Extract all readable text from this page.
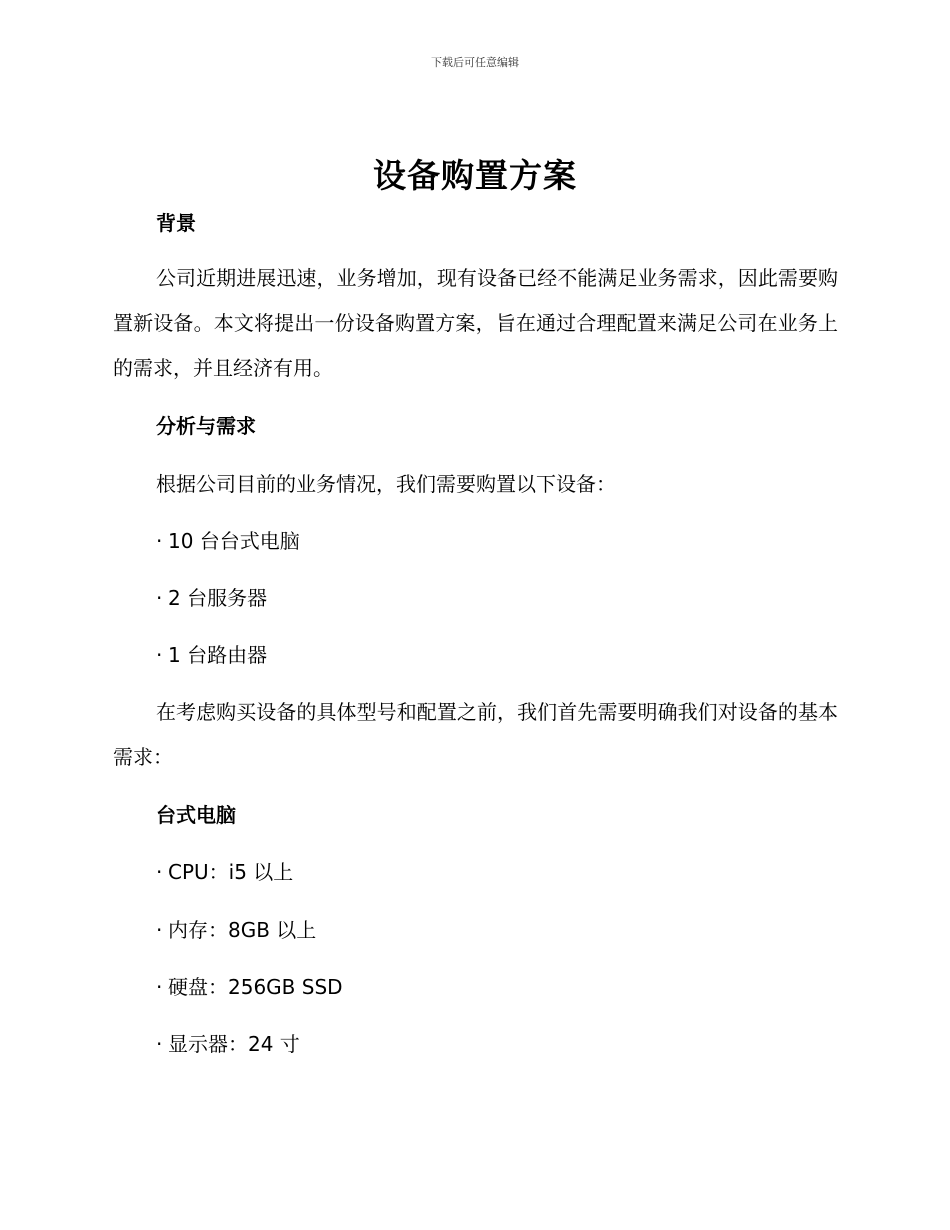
下载后可任意编辑
设备购置方案
背景
公司近期进展迅速，业务增加，现有设备已经不能满足业务需求，因此需要购置新设备。本文将提出一份设备购置方案，旨在通过合理配置来满足公司在业务上的需求，并且经济有用。
分析与需求
根据公司目前的业务情况，我们需要购置以下设备：
· 10 台台式电脑
· 2 台服务器
· 1 台路由器
在考虑购买设备的具体型号和配置之前，我们首先需要明确我们对设备的基本需求：
台式电脑
· CPU：i5 以上
· 内存：8GB 以上
· 硬盘：256GB SSD
· 显示器：24 寸
